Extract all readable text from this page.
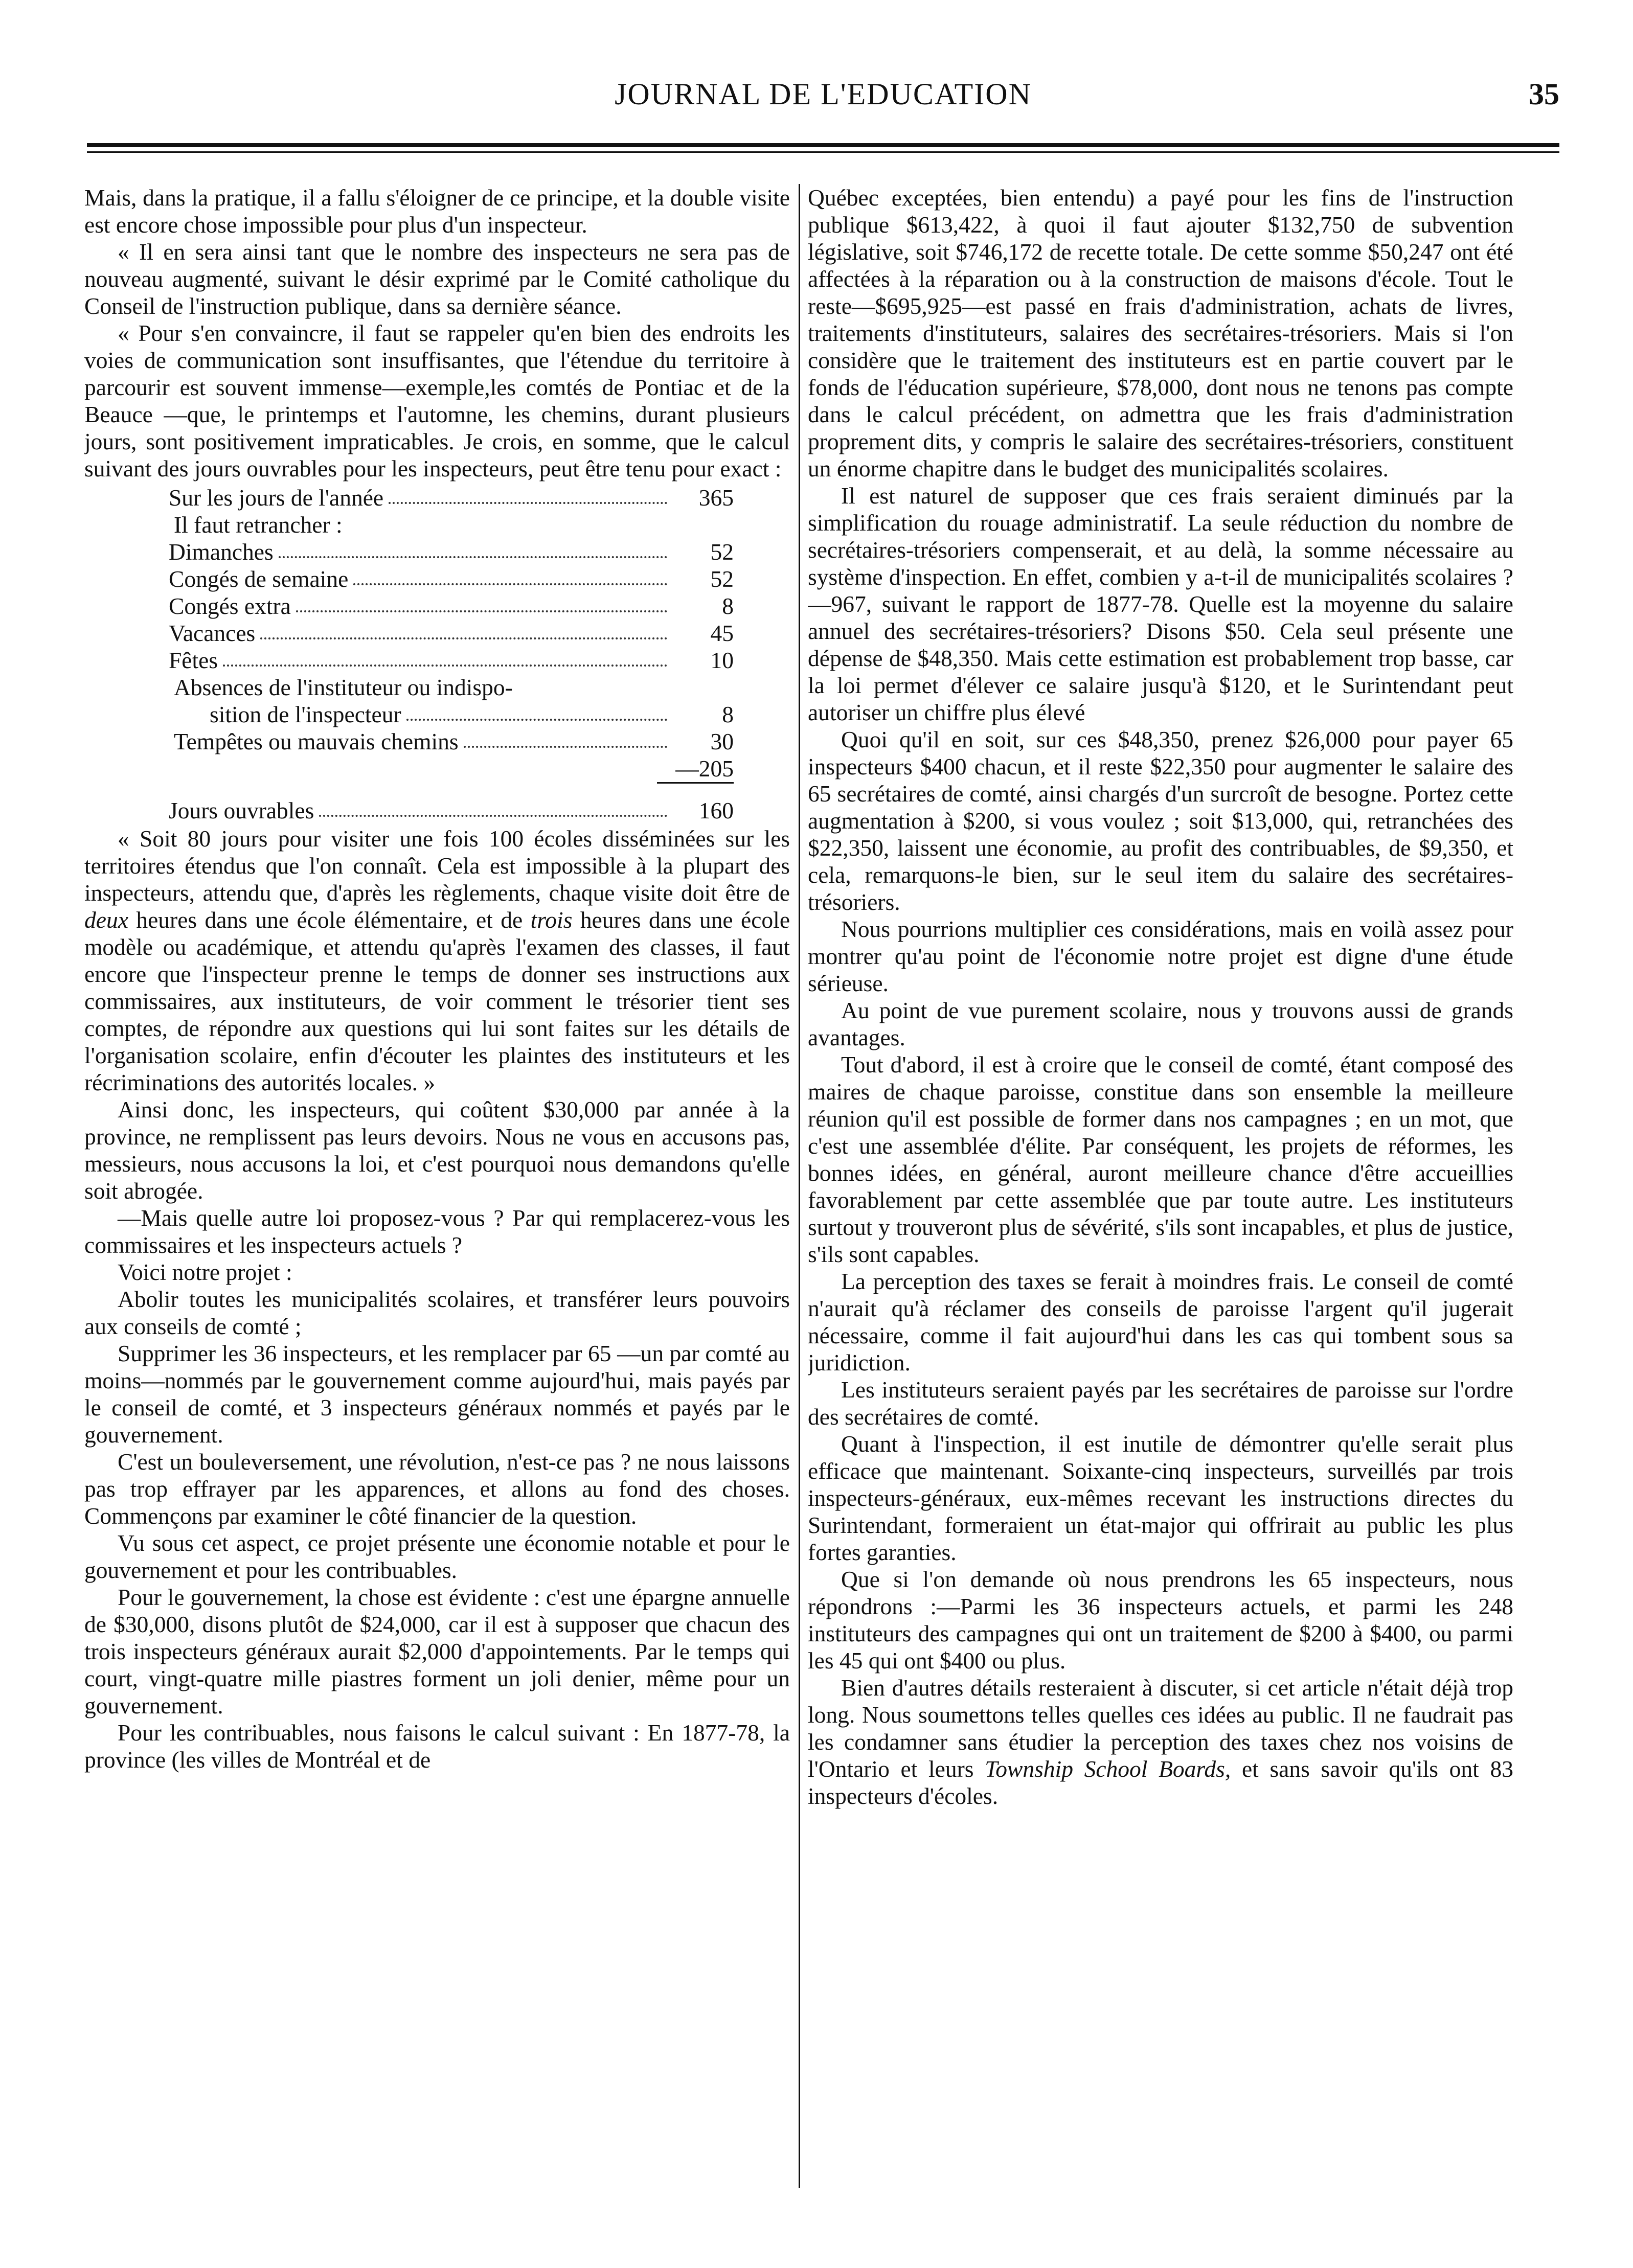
JOURNAL DE L'EDUCATION	35

Mais, dans la pratique, il a fallu s'éloigner de ce principe, et la double visite est encore chose impossible pour plus d'un inspecteur.

« Il en sera ainsi tant que le nombre des inspecteurs ne sera pas de nouveau augmenté, suivant le désir exprimé par le Comité catholique du Conseil de l'instruction publique, dans sa dernière séance.

« Pour s'en convaincre, il faut se rappeler qu'en bien des endroits les voies de communication sont insuffisantes, que l'étendue du territoire à parcourir est souvent immense—exemple,les comtés de Pontiac et de la Beauce —que, le printemps et l'automne, les chemins, durant plusieurs jours, sont positivement impraticables. Je crois, en somme, que le calcul suivant des jours ouvrables pour les inspecteurs, peut être tenu pour exact :

Sur les jours de l'année	365
Il faut retrancher :
Dimanches	52
Congés de semaine	52
Congés extra	8
Vacances	45
Fêtes	10
Absences de l'instituteur ou indispo-
sition de l'inspecteur	8
Tempêtes ou mauvais chemins	30
—205
Jours ouvrables	160

« Soit 80 jours pour visiter une fois 100 écoles disséminées sur les territoires étendus que l'on connaît. Cela est impossible à la plupart des inspecteurs, attendu que, d'après les règlements, chaque visite doit être de deux heures dans une école élémentaire, et de trois heures dans une école modèle ou académique, et attendu qu'après l'examen des classes, il faut encore que l'inspecteur prenne le temps de donner ses instructions aux commissaires, aux instituteurs, de voir comment le trésorier tient ses comptes, de répondre aux questions qui lui sont faites sur les détails de l'organisation scolaire, enfin d'écouter les plaintes des instituteurs et les récriminations des autorités locales. »

Ainsi donc, les inspecteurs, qui coûtent $30,000 par année à la province, ne remplissent pas leurs devoirs. Nous ne vous en accusons pas, messieurs, nous accusons la loi, et c'est pourquoi nous demandons qu'elle soit abrogée.

—Mais quelle autre loi proposez-vous ? Par qui remplacerez-vous les commissaires et les inspecteurs actuels ?

Voici notre projet :

Abolir toutes les municipalités scolaires, et transférer leurs pouvoirs aux conseils de comté ;

Supprimer les 36 inspecteurs, et les remplacer par 65 —un par comté au moins—nommés par le gouvernement comme aujourd'hui, mais payés par le conseil de comté, et 3 inspecteurs généraux nommés et payés par le gouvernement.

C'est un bouleversement, une révolution, n'est-ce pas ? ne nous laissons pas trop effrayer par les apparences, et allons au fond des choses. Commençons par examiner le côté financier de la question.

Vu sous cet aspect, ce projet présente une économie notable et pour le gouvernement et pour les contribuables.

Pour le gouvernement, la chose est évidente : c'est une épargne annuelle de $30,000, disons plutôt de $24,000, car il est à supposer que chacun des trois inspecteurs généraux aurait $2,000 d'appointements. Par le temps qui court, vingt-quatre mille piastres forment un joli denier, même pour un gouvernement.

Pour les contribuables, nous faisons le calcul suivant : En 1877-78, la province (les villes de Montréal et de

Québec exceptées, bien entendu) a payé pour les fins de l'instruction publique $613,422, à quoi il faut ajouter $132,750 de subvention législative, soit $746,172 de recette totale. De cette somme $50,247 ont été affectées à la réparation ou à la construction de maisons d'école. Tout le reste—$695,925—est passé en frais d'administration, achats de livres, traitements d'instituteurs, salaires des secrétaires-trésoriers. Mais si l'on considère que le traitement des instituteurs est en partie couvert par le fonds de l'éducation supérieure, $78,000, dont nous ne tenons pas compte dans le calcul précédent, on admettra que les frais d'administration proprement dits, y compris le salaire des secrétaires-trésoriers, constituent un énorme chapitre dans le budget des municipalités scolaires.

Il est naturel de supposer que ces frais seraient diminués par la simplification du rouage administratif. La seule réduction du nombre de secrétaires-trésoriers compenserait, et au delà, la somme nécessaire au système d'inspection. En effet, combien y a-t-il de municipalités scolaires ?—967, suivant le rapport de 1877-78. Quelle est la moyenne du salaire annuel des secrétaires-trésoriers? Disons $50. Cela seul présente une dépense de $48,350. Mais cette estimation est probablement trop basse, car la loi permet d'élever ce salaire jusqu'à $120, et le Surintendant peut autoriser un chiffre plus élevé

Quoi qu'il en soit, sur ces $48,350, prenez $26,000 pour payer 65 inspecteurs $400 chacun, et il reste $22,350 pour augmenter le salaire des 65 secrétaires de comté, ainsi chargés d'un surcroît de besogne. Portez cette augmentation à $200, si vous voulez ; soit $13,000, qui, retranchées des $22,350, laissent une économie, au profit des contribuables, de $9,350, et cela, remarquons-le bien, sur le seul item du salaire des secrétaires-trésoriers.

Nous pourrions multiplier ces considérations, mais en voilà assez pour montrer qu'au point de l'économie notre projet est digne d'une étude sérieuse.

Au point de vue purement scolaire, nous y trouvons aussi de grands avantages.

Tout d'abord, il est à croire que le conseil de comté, étant composé des maires de chaque paroisse, constitue dans son ensemble la meilleure réunion qu'il est possible de former dans nos campagnes ; en un mot, que c'est une assemblée d'élite. Par conséquent, les projets de réformes, les bonnes idées, en général, auront meilleure chance d'être accueillies favorablement par cette assemblée que par toute autre. Les instituteurs surtout y trouveront plus de sévérité, s'ils sont incapables, et plus de justice, s'ils sont capables.

La perception des taxes se ferait à moindres frais. Le conseil de comté n'aurait qu'à réclamer des conseils de paroisse l'argent qu'il jugerait nécessaire, comme il fait aujourd'hui dans les cas qui tombent sous sa juridiction.

Les instituteurs seraient payés par les secrétaires de paroisse sur l'ordre des secrétaires de comté.

Quant à l'inspection, il est inutile de démontrer qu'elle serait plus efficace que maintenant. Soixante-cinq inspecteurs, surveillés par trois inspecteurs-généraux, eux-mêmes recevant les instructions directes du Surintendant, formeraient un état-major qui offrirait au public les plus fortes garanties.

Que si l'on demande où nous prendrons les 65 inspecteurs, nous répondrons :—Parmi les 36 inspecteurs actuels, et parmi les 248 instituteurs des campagnes qui ont un traitement de $200 à $400, ou parmi les 45 qui ont $400 ou plus.

Bien d'autres détails resteraient à discuter, si cet article n'était déjà trop long. Nous soumettons telles quelles ces idées au public. Il ne faudrait pas les condamner sans étudier la perception des taxes chez nos voisins de l'Ontario et leurs Township School Boards, et sans savoir qu'ils ont 83 inspecteurs d'écoles.
